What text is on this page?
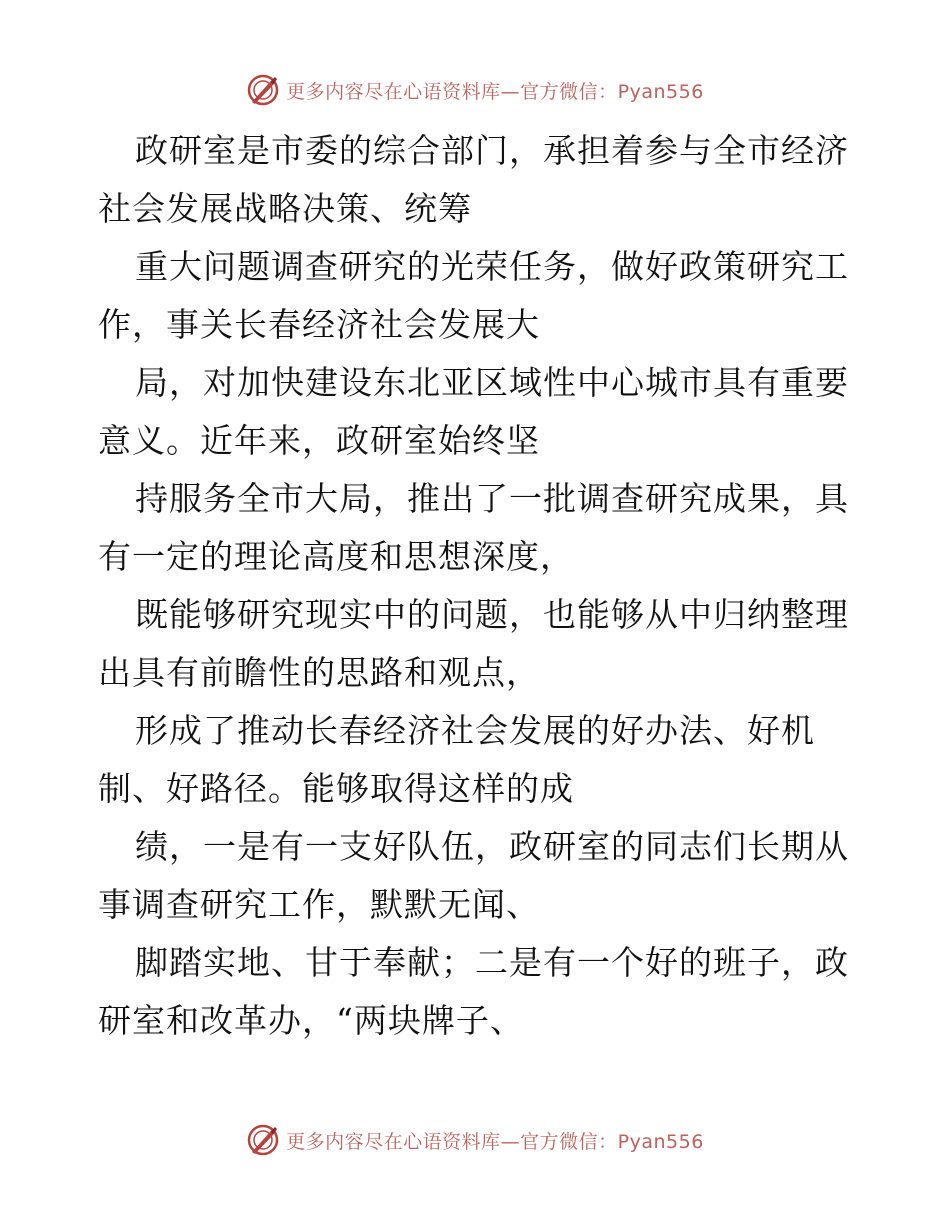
更多内容尽在心语资料库—官方微信：Pyan556

政研室是市委的综合部门，承担着参与全市经济社会发展战略决策、统筹

重大问题调查研究的光荣任务，做好政策研究工作，事关长春经济社会发展大

局，对加快建设东北亚区域性中心城市具有重要意义。近年来，政研室始终坚

持服务全市大局，推出了一批调查研究成果，具有一定的理论高度和思想深度，

既能够研究现实中的问题，也能够从中归纳整理出具有前瞻性的思路和观点，

形成了推动长春经济社会发展的好办法、好机制、好路径。能够取得这样的成

绩，一是有一支好队伍，政研室的同志们长期从事调查研究工作，默默无闻、

脚踏实地、甘于奉献；二是有一个好的班子，政研室和改革办，“两块牌子、

更多内容尽在心语资料库—官方微信：Pyan556
